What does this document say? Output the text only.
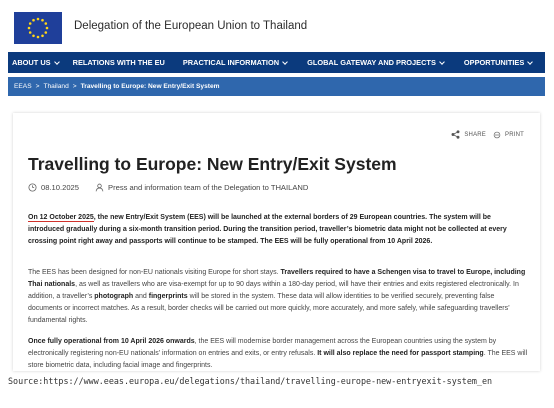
Delegation of the European Union to Thailand
ABOUT US	RELATIONS WITH THE EU PRACTICAL INFORMATION	GLOBAL GATEWAY AND PROJECTS	OPPORTUNITIES
EEAS > Thailand > Travelling to Europe: New Entry/Exit System
SHARE	PRINT
Travelling to Europe: New Entry/Exit System
08.10.2025	Press and information team of the Delegation to THAILAND

On 12 October 2025, the new Entry/Exit System (EES) will be launched at the external borders of 29 European countries. The system will be introduced gradually during a six-month transition period. During the transition period, traveller’s biometric data might not be collected at every crossing point right away and passports will continue to be stamped. The EES will be fully operational from 10 April 2026.

The EES has been designed for non-EU nationals visiting Europe for short stays. Travellers required to have a Schengen visa to travel to Europe, including Thai nationals, as well as travellers who are visa-exempt for up to 90 days within a 180-day period, will have their entries and exits registered electronically. In addition, a traveller’s photograph and fingerprints will be stored in the system. These data will allow identities to be verified securely, preventing false documents or incorrect matches. As a result, border checks will be carried out more quickly, more accurately, and more safely, while safeguarding travellers’ fundamental rights.

Once fully operational from 10 April 2026 onwards, the EES will modernise border management across the European countries using the system by electronically registering non-EU nationals’ information on entries and exits, or entry refusals. It will also replace the need for passport stamping. The EES will store biometric data, including facial image and fingerprints.

Source:https://www.eeas.europa.eu/delegations/thailand/travelling-europe-new-entryexit-system_en
